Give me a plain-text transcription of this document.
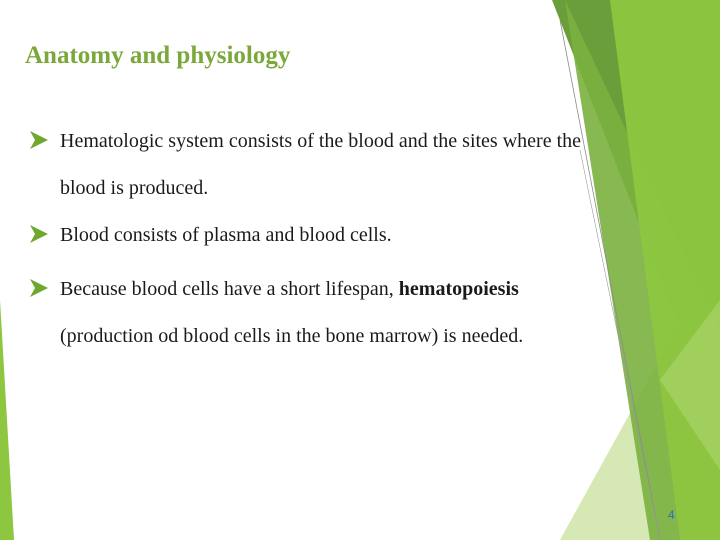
Anatomy and physiology
Hematologic system consists of the blood and the sites where the blood is produced.
Blood consists of plasma and blood cells.
Because blood cells have a short lifespan, hematopoiesis (production od blood cells in the bone marrow) is needed.
4
